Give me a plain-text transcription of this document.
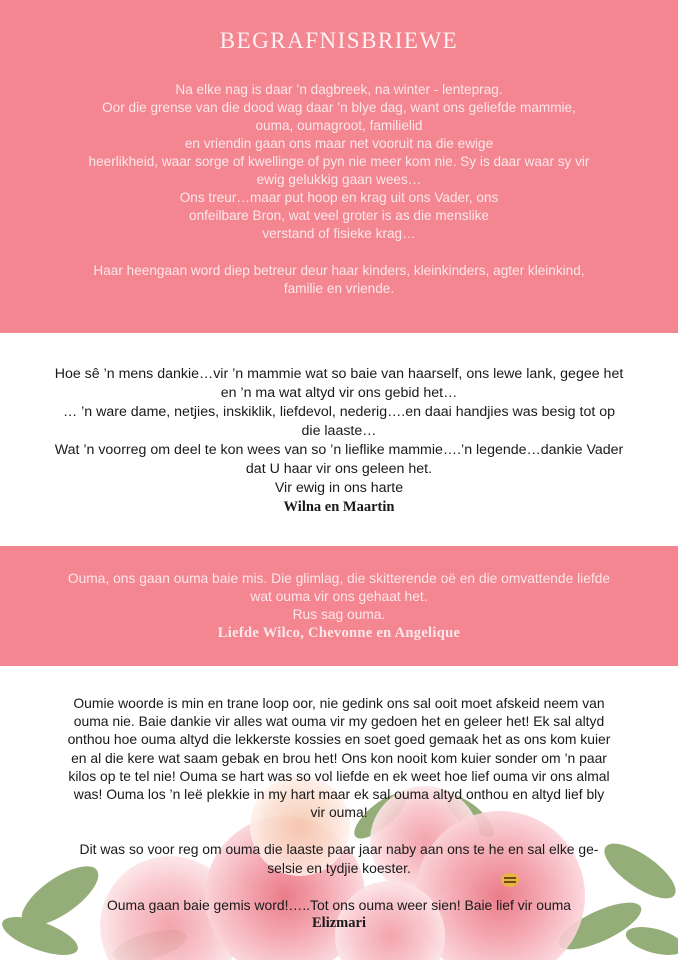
BEGRAFNISBRIEWE
Na elke nag is daar ’n dagbreek, na winter - lenteprag.
Oor die grense van die dood wag daar ’n blye dag, want ons geliefde mammie,
ouma, oumagroot, familielid
en vriendin gaan ons maar net vooruit na die ewige
heerlikheid, waar sorge of kwellinge of pyn nie meer kom nie. Sy is daar waar sy vir
ewig gelukkig gaan wees…
Ons treur…maar put hoop en krag uit ons Vader, ons
onfeilbare Bron, wat veel groter is as die menslike
verstand of fisieke krag…
Haar heengaan word diep betreur deur haar kinders, kleinkinders, agter kleinkind,
familie en vriende.
Hoe sê ’n mens dankie…vir ’n mammie wat so baie van haarself, ons lewe lank, gegee het
en ’n ma wat altyd vir ons gebid het…
… ’n ware dame, netjies, inskiklik, liefdevol, nederig….en daai handjies was besig tot op
die laaste…
Wat ’n voorreg om deel te kon wees van so ’n lieflike mammie….’n legende…dankie Vader
dat U haar vir ons geleen het.
Vir ewig in ons harte
Wilna en Maartin
Ouma, ons gaan ouma baie mis. Die glimlag, die skitterende oë en die omvattende liefde
wat ouma vir ons gehaat het.
Rus sag ouma.
Liefde Wilco, Chevonne en Angelique
Oumie woorde is min en trane loop oor, nie gedink ons sal ooit moet afskeid neem van
ouma nie. Baie dankie vir alles wat ouma vir my gedoen het en geleer het! Ek sal altyd
onthou hoe ouma altyd die lekkerste kossies en soet goed gemaak het as ons kom kuier
en al die kere wat saam gebak en brou het! Ons kon nooit kom kuier sonder om ’n paar
kilos op te tel nie! Ouma se hart was so vol liefde en ek weet hoe lief ouma vir ons almal
was! Ouma los ’n leë plekkie in my hart maar ek sal ouma altyd onthou en altyd lief bly
vir ouma!
Dit was so voor reg om ouma die laaste paar jaar naby aan ons te he en sal elke ge-
selsie en tydjie koester.
Ouma gaan baie gemis word!…..Tot ons ouma weer sien! Baie lief vir ouma
Elizmari
